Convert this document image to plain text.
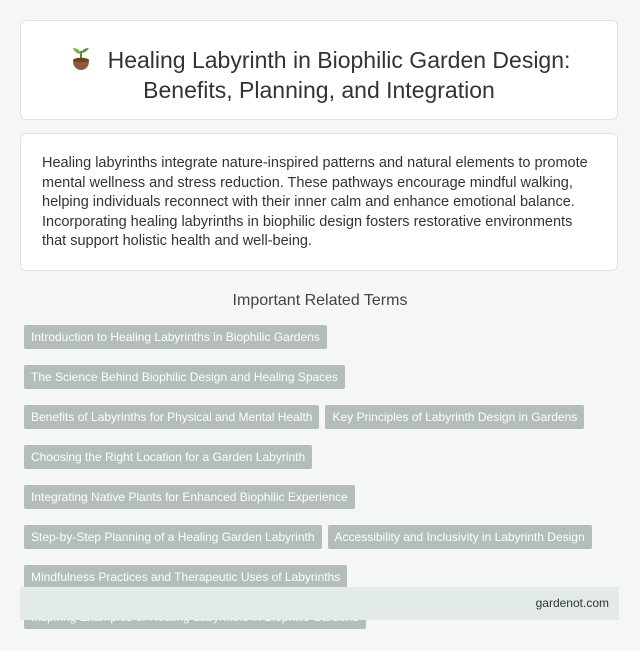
Healing Labyrinth in Biophilic Garden Design:
Benefits, Planning, and Integration
Healing labyrinths integrate nature-inspired patterns and natural elements to promote mental wellness and stress reduction. These pathways encourage mindful walking, helping individuals reconnect with their inner calm and enhance emotional balance. Incorporating healing labyrinths in biophilic design fosters restorative environments that support holistic health and well-being.
Important Related Terms
Introduction to Healing Labyrinths in Biophilic Gardens
The Science Behind Biophilic Design and Healing Spaces
Benefits of Labyrinths for Physical and Mental Health	Key Principles of Labyrinth Design in Gardens
Choosing the Right Location for a Garden Labyrinth
Integrating Native Plants for Enhanced Biophilic Experience
Step-by-Step Planning of a Healing Garden Labyrinth	Accessibility and Inclusivity in Labyrinth Design
Mindfulness Practices and Therapeutic Uses of Labyrinths
gardenot.com
